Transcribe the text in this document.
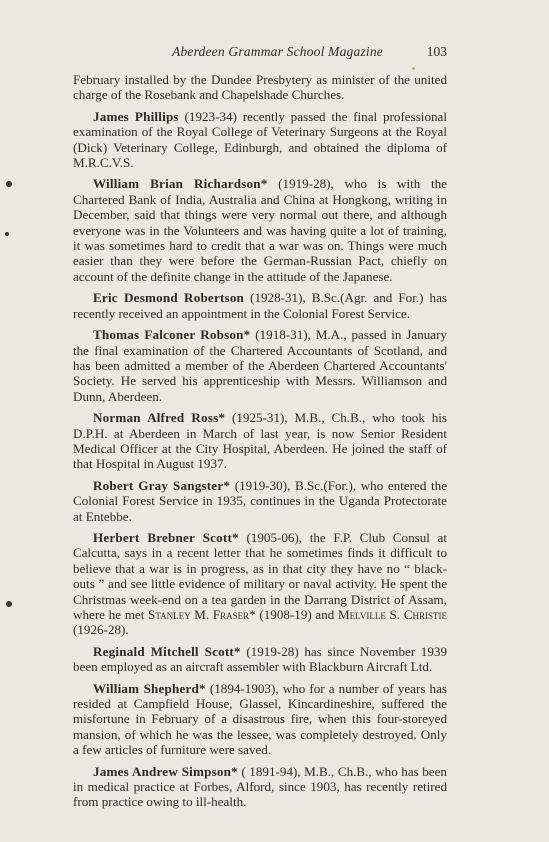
Aberdeen Grammar School Magazine	103

February installed by the Dundee Presbytery as minister of the united charge of the Rosebank and Chapelshade Churches.

James Phillips (1923-34) recently passed the final professional examination of the Royal College of Veterinary Surgeons at the Royal (Dick) Veterinary College, Edinburgh, and obtained the diploma of M.R.C.V.S.

William Brian Richardson* (1919-28), who is with the Chartered Bank of India, Australia and China at Hongkong, writing in December, said that things were very normal out there, and although everyone was in the Volunteers and was having quite a lot of training, it was sometimes hard to credit that a war was on. Things were much easier than they were before the German-Russian Pact, chiefly on account of the definite change in the attitude of the Japanese.

Eric Desmond Robertson (1928-31), B.Sc.(Agr. and For.) has recently received an appointment in the Colonial Forest Service.

Thomas Falconer Robson* (1918-31), M.A., passed in January the final examination of the Chartered Accountants of Scotland, and has been admitted a member of the Aberdeen Chartered Accountants' Society. He served his apprenticeship with Messrs. Williamson and Dunn, Aberdeen.

Norman Alfred Ross* (1925-31), M.B., Ch.B., who took his D.P.H. at Aberdeen in March of last year, is now Senior Resident Medical Officer at the City Hospital, Aberdeen. He joined the staff of that Hospital in August 1937.

Robert Gray Sangster* (1919-30), B.Sc.(For.), who entered the Colonial Forest Service in 1935, continues in the Uganda Protectorate at Entebbe.

Herbert Brebner Scott* (1905-06), the F.P. Club Consul at Calcutta, says in a recent letter that he sometimes finds it difficult to believe that a war is in progress, as in that city they have no “ black-outs ” and see little evidence of military or naval activity. He spent the Christmas week-end on a tea garden in the Darrang District of Assam, where he met Stanley M. Fraser* (1908-19) and Melville S. Christie (1926-28).

Reginald Mitchell Scott* (1919-28) has since November 1939 been employed as an aircraft assembler with Blackburn Aircraft Ltd.

William Shepherd* (1894-1903), who for a number of years has resided at Campfield House, Glassel, Kincardineshire, suffered the misfortune in February of a disastrous fire, when this four-storeyed mansion, of which he was the lessee, was completely destroyed. Only a few articles of furniture were saved.

James Andrew Simpson* ( 1891-94), M.B., Ch.B., who has been in medical practice at Forbes, Alford, since 1903, has recently retired from practice owing to ill-health.
